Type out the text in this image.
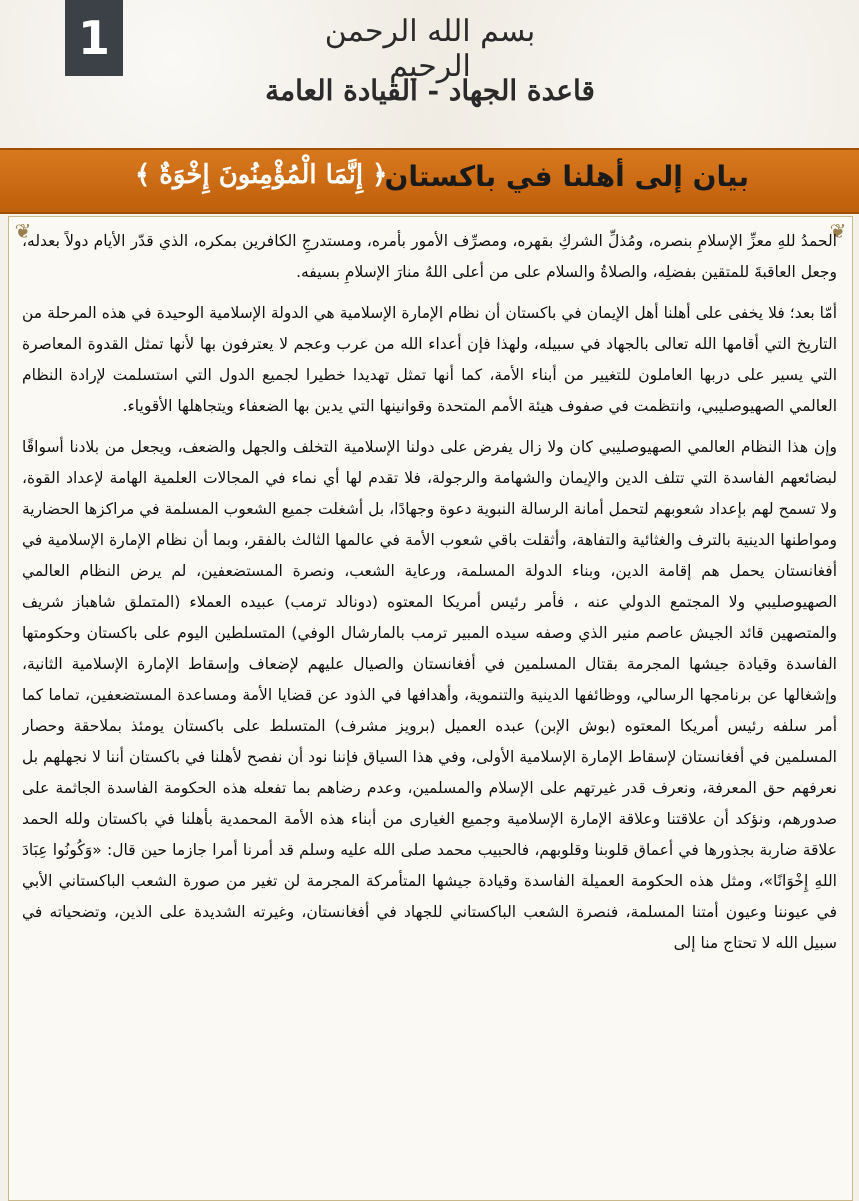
1	بسم الله الرحمن الرحيم
قاعدة الجهاد - القيادة العامة
بيان إلى أهلنا في باكستان
﴿ إِنَّمَا الْمُؤْمِنُونَ إِخْوَةٌ ﴾
❦	❦

الحمدُ للهِ معزِّ الإسلامِ بنصره، ومُذلِّ الشركِ بقهره، ومصرِّف الأمور بأمره، ومستدرجِ الكافرين بمكره، الذي قدّر الأيام دولاً بعدله، وجعل العاقبةَ للمتقين بفضلِه، والصلاةُ والسلام على من أعلى اللهُ منارَ الإسلامِ بسيفه.

أمّا بعد؛ فلا يخفى على أهلنا أهل الإيمان في باكستان أن نظام الإمارة الإسلامية هي الدولة الإسلامية الوحيدة في هذه المرحلة من التاريخ التي أقامها الله تعالى بالجهاد في سبيله، ولهذا فإن أعداء الله من عرب وعجم لا يعترفون بها لأنها تمثل القدوة المعاصرة التي يسير على دربها العاملون للتغيير من أبناء الأمة، كما أنها تمثل تهديدا خطيرا لجميع الدول التي استسلمت لإرادة النظام العالمي الصهيوصليبي، وانتظمت في صفوف هيئة الأمم المتحدة وقوانينها التي يدين بها الضعفاء ويتجاهلها الأقوياء.

وإن هذا النظام العالمي الصهيوصليبي كان ولا زال يفرض على دولنا الإسلامية التخلف والجهل والضعف، ويجعل من بلادنا أسواقًا لبضائعهم الفاسدة التي تتلف الدين والإيمان والشهامة والرجولة، فلا تقدم لها أي نماء في المجالات العلمية الهامة لإعداد القوة، ولا تسمح لهم بإعداد شعوبهم لتحمل أمانة الرسالة النبوية دعوة وجهادًا، بل أشغلت جميع الشعوب المسلمة في مراكزها الحضارية ومواطنها الدينية بالترف والغثائية والتفاهة، وأثقلت باقي شعوب الأمة في عالمها الثالث بالفقر، وبما أن نظام الإمارة الإسلامية في أفغانستان يحمل هم إقامة الدين، وبناء الدولة المسلمة، ورعاية الشعب، ونصرة المستضعفين، لم يرض النظام العالمي الصهيوصليبي ولا المجتمع الدولي عنه ، فأمر رئيس أمريكا المعتوه (دونالد ترمب) عبيده العملاء (المتملق شاهباز شريف والمتصهين قائد الجيش عاصم منير الذي وصفه سيده المبير ترمب بالمارشال الوفي) المتسلطين اليوم على باكستان وحكومتها الفاسدة وقيادة جيشها المجرمة بقتال المسلمين في أفغانستان والصيال عليهم لإضعاف وإسقاط الإمارة الإسلامية الثانية، وإشغالها عن برنامجها الرسالي، ووظائفها الدينية والتنموية، وأهدافها في الذود عن قضايا الأمة ومساعدة المستضعفين، تماما كما أمر سلفه رئيس أمريكا المعتوه (بوش الإبن) عبده العميل (برويز مشرف) المتسلط على باكستان يومئذ بملاحقة وحصار المسلمين في أفغانستان لإسقاط الإمارة الإسلامية الأولى، وفي هذا السياق فإننا نود أن نفصح لأهلنا في باكستان أننا لا نجهلهم بل نعرفهم حق المعرفة، ونعرف قدر غيرتهم على الإسلام والمسلمين، وعدم رضاهم بما تفعله هذه الحكومة الفاسدة الجاثمة على صدورهم، ونؤكد أن علاقتنا وعلاقة الإمارة الإسلامية وجميع الغيارى من أبناء هذه الأمة المحمدية بأهلنا في باكستان ولله الحمد علاقة ضاربة بجذورها في أعماق قلوبنا وقلوبهم، فالحبيب محمد صلى الله عليه وسلم قد أمرنا أمرا جازما حين قال: «وَكُونُوا عِبَادَ اللهِ إِخْوَانًا»، ومثل هذه الحكومة العميلة الفاسدة وقيادة جيشها المتأمركة المجرمة لن تغير من صورة الشعب الباكستاني الأبي في عيوننا وعيون أمتنا المسلمة، فنصرة الشعب الباكستاني للجهاد في أفغانستان، وغيرته الشديدة على الدين، وتضحياته في سبيل الله لا تحتاج منا إلى
